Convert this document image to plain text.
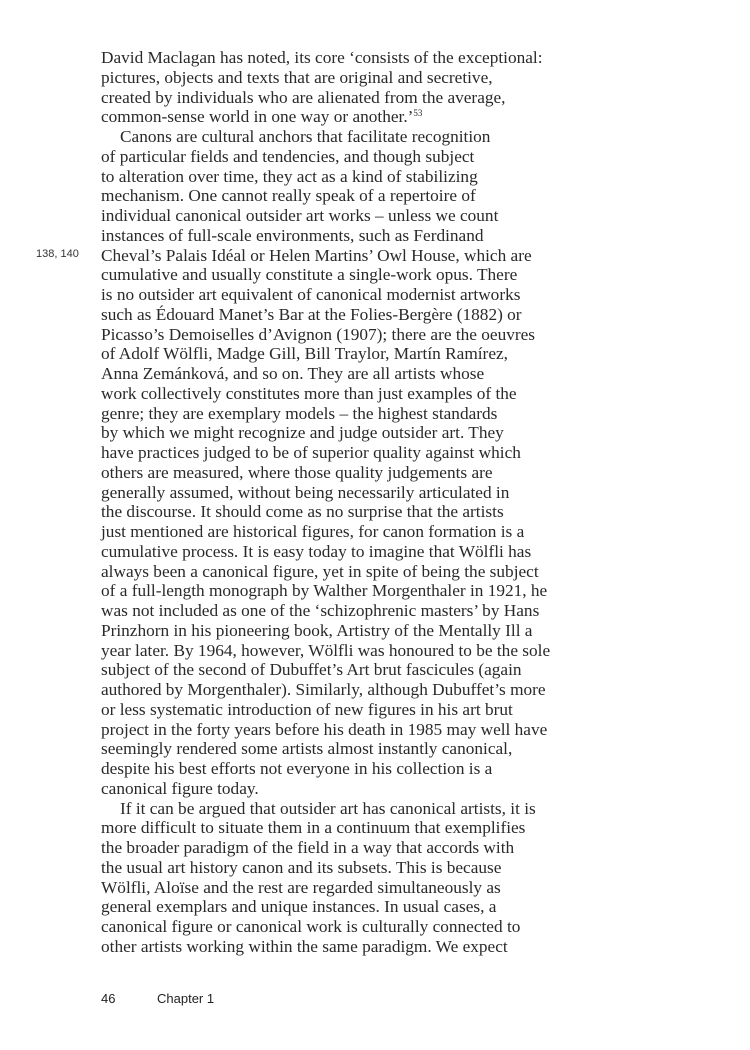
138, 140
David Maclagan has noted, its core ‘consists of the exceptional:
pictures, objects and texts that are original and secretive,
created by individuals who are alienated from the average,
common-sense world in one way or another.’$^{53}$
Canons are cultural anchors that facilitate recognition
of particular fields and tendencies, and though subject
to alteration over time, they act as a kind of stabilizing
mechanism. One cannot really speak of a repertoire of
individual canonical outsider art works – unless we count
instances of full-scale environments, such as Ferdinand
Cheval’s Palais Idéal or Helen Martins’ Owl House, which are
cumulative and usually constitute a single-work opus. There
is no outsider art equivalent of canonical modernist artworks
such as Édouard Manet’s Bar at the Folies-Bergère (1882) or
Picasso’s Demoiselles d’Avignon (1907); there are the oeuvres
of Adolf Wölfli, Madge Gill, Bill Traylor, Martín Ramírez,
Anna Zemánková, and so on. They are all artists whose
work collectively constitutes more than just examples of the
genre; they are exemplary models – the highest standards
by which we might recognize and judge outsider art. They
have practices judged to be of superior quality against which
others are measured, where those quality judgements are
generally assumed, without being necessarily articulated in
the discourse. It should come as no surprise that the artists
just mentioned are historical figures, for canon formation is a
cumulative process. It is easy today to imagine that Wölfli has
always been a canonical figure, yet in spite of being the subject
of a full-length monograph by Walther Morgenthaler in 1921, he
was not included as one of the ‘schizophrenic masters’ by Hans
Prinzhorn in his pioneering book, Artistry of the Mentally Ill a
year later. By 1964, however, Wölfli was honoured to be the sole
subject of the second of Dubuffet’s Art brut fascicules (again
authored by Morgenthaler). Similarly, although Dubuffet’s more
or less systematic introduction of new figures in his art brut
project in the forty years before his death in 1985 may well have
seemingly rendered some artists almost instantly canonical,
despite his best efforts not everyone in his collection is a
canonical figure today.
If it can be argued that outsider art has canonical artists, it is
more difficult to situate them in a continuum that exemplifies
the broader paradigm of the field in a way that accords with
the usual art history canon and its subsets. This is because
Wölfli, Aloïse and the rest are regarded simultaneously as
general exemplars and unique instances. In usual cases, a
canonical figure or canonical work is culturally connected to
other artists working within the same paradigm. We expect
46	Chapter 1
